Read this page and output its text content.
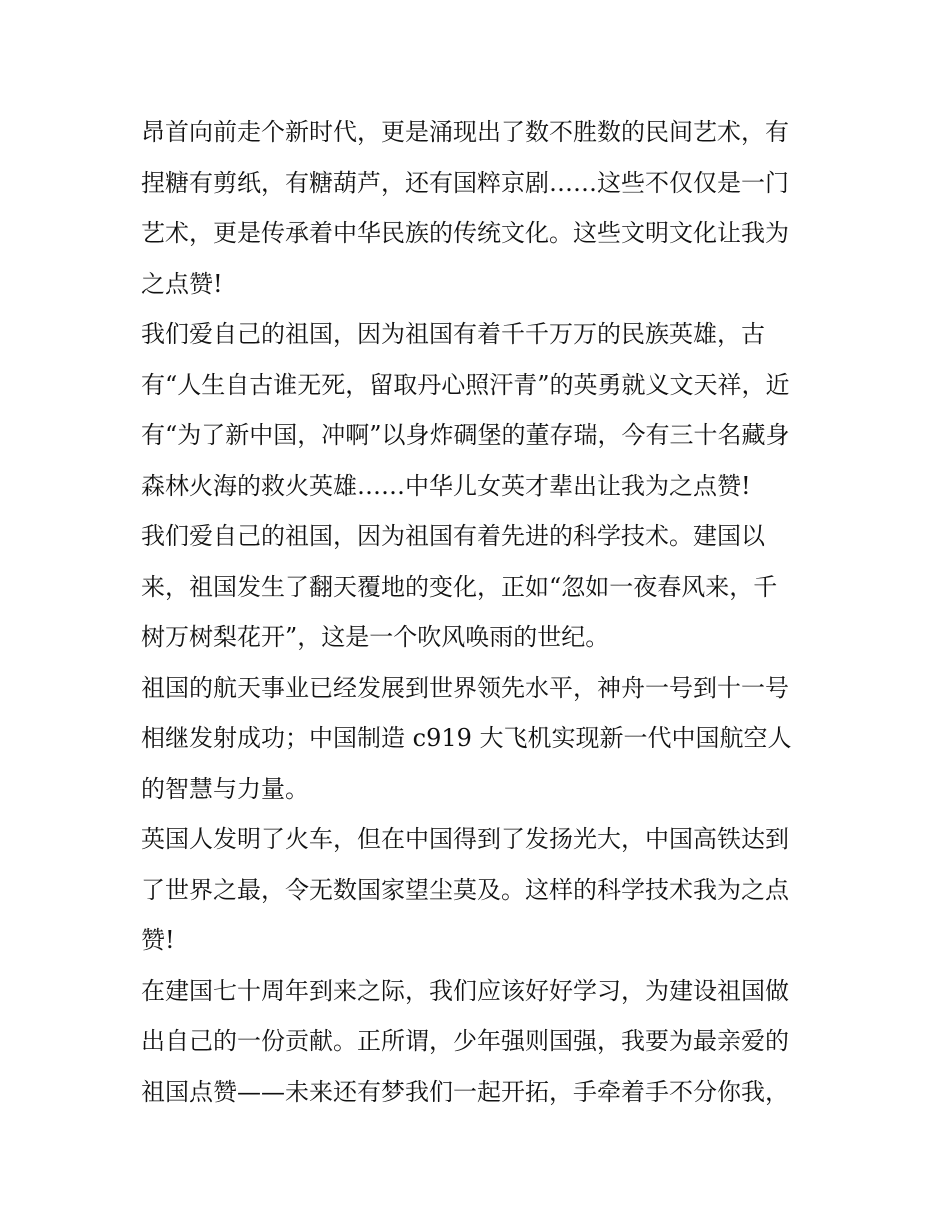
昂首向前走个新时代，更是涌现出了数不胜数的民间艺术，有

捏糖有剪纸，有糖葫芦，还有国粹京剧……这些不仅仅是一门

艺术，更是传承着中华民族的传统文化。这些文明文化让我为

之点赞!

我们爱自己的祖国，因为祖国有着千千万万的民族英雄，古

有“人生自古谁无死，留取丹心照汗青”的英勇就义文天祥，近

有“为了新中国，冲啊”以身炸碉堡的董存瑞，今有三十名藏身

森林火海的救火英雄……中华儿女英才辈出让我为之点赞!

我们爱自己的祖国，因为祖国有着先进的科学技术。建国以

来，祖国发生了翻天覆地的变化，正如“忽如一夜春风来，千

树万树梨花开”，这是一个吹风唤雨的世纪。

祖国的航天事业已经发展到世界领先水平，神舟一号到十一号

相继发射成功；中国制造 c919 大飞机实现新一代中国航空人

的智慧与力量。

英国人发明了火车，但在中国得到了发扬光大，中国高铁达到

了世界之最，令无数国家望尘莫及。这样的科学技术我为之点

赞!

在建国七十周年到来之际，我们应该好好学习，为建设祖国做

出自己的一份贡献。正所谓，少年强则国强，我要为最亲爱的

祖国点赞——未来还有梦我们一起开拓，手牵着手不分你我，
